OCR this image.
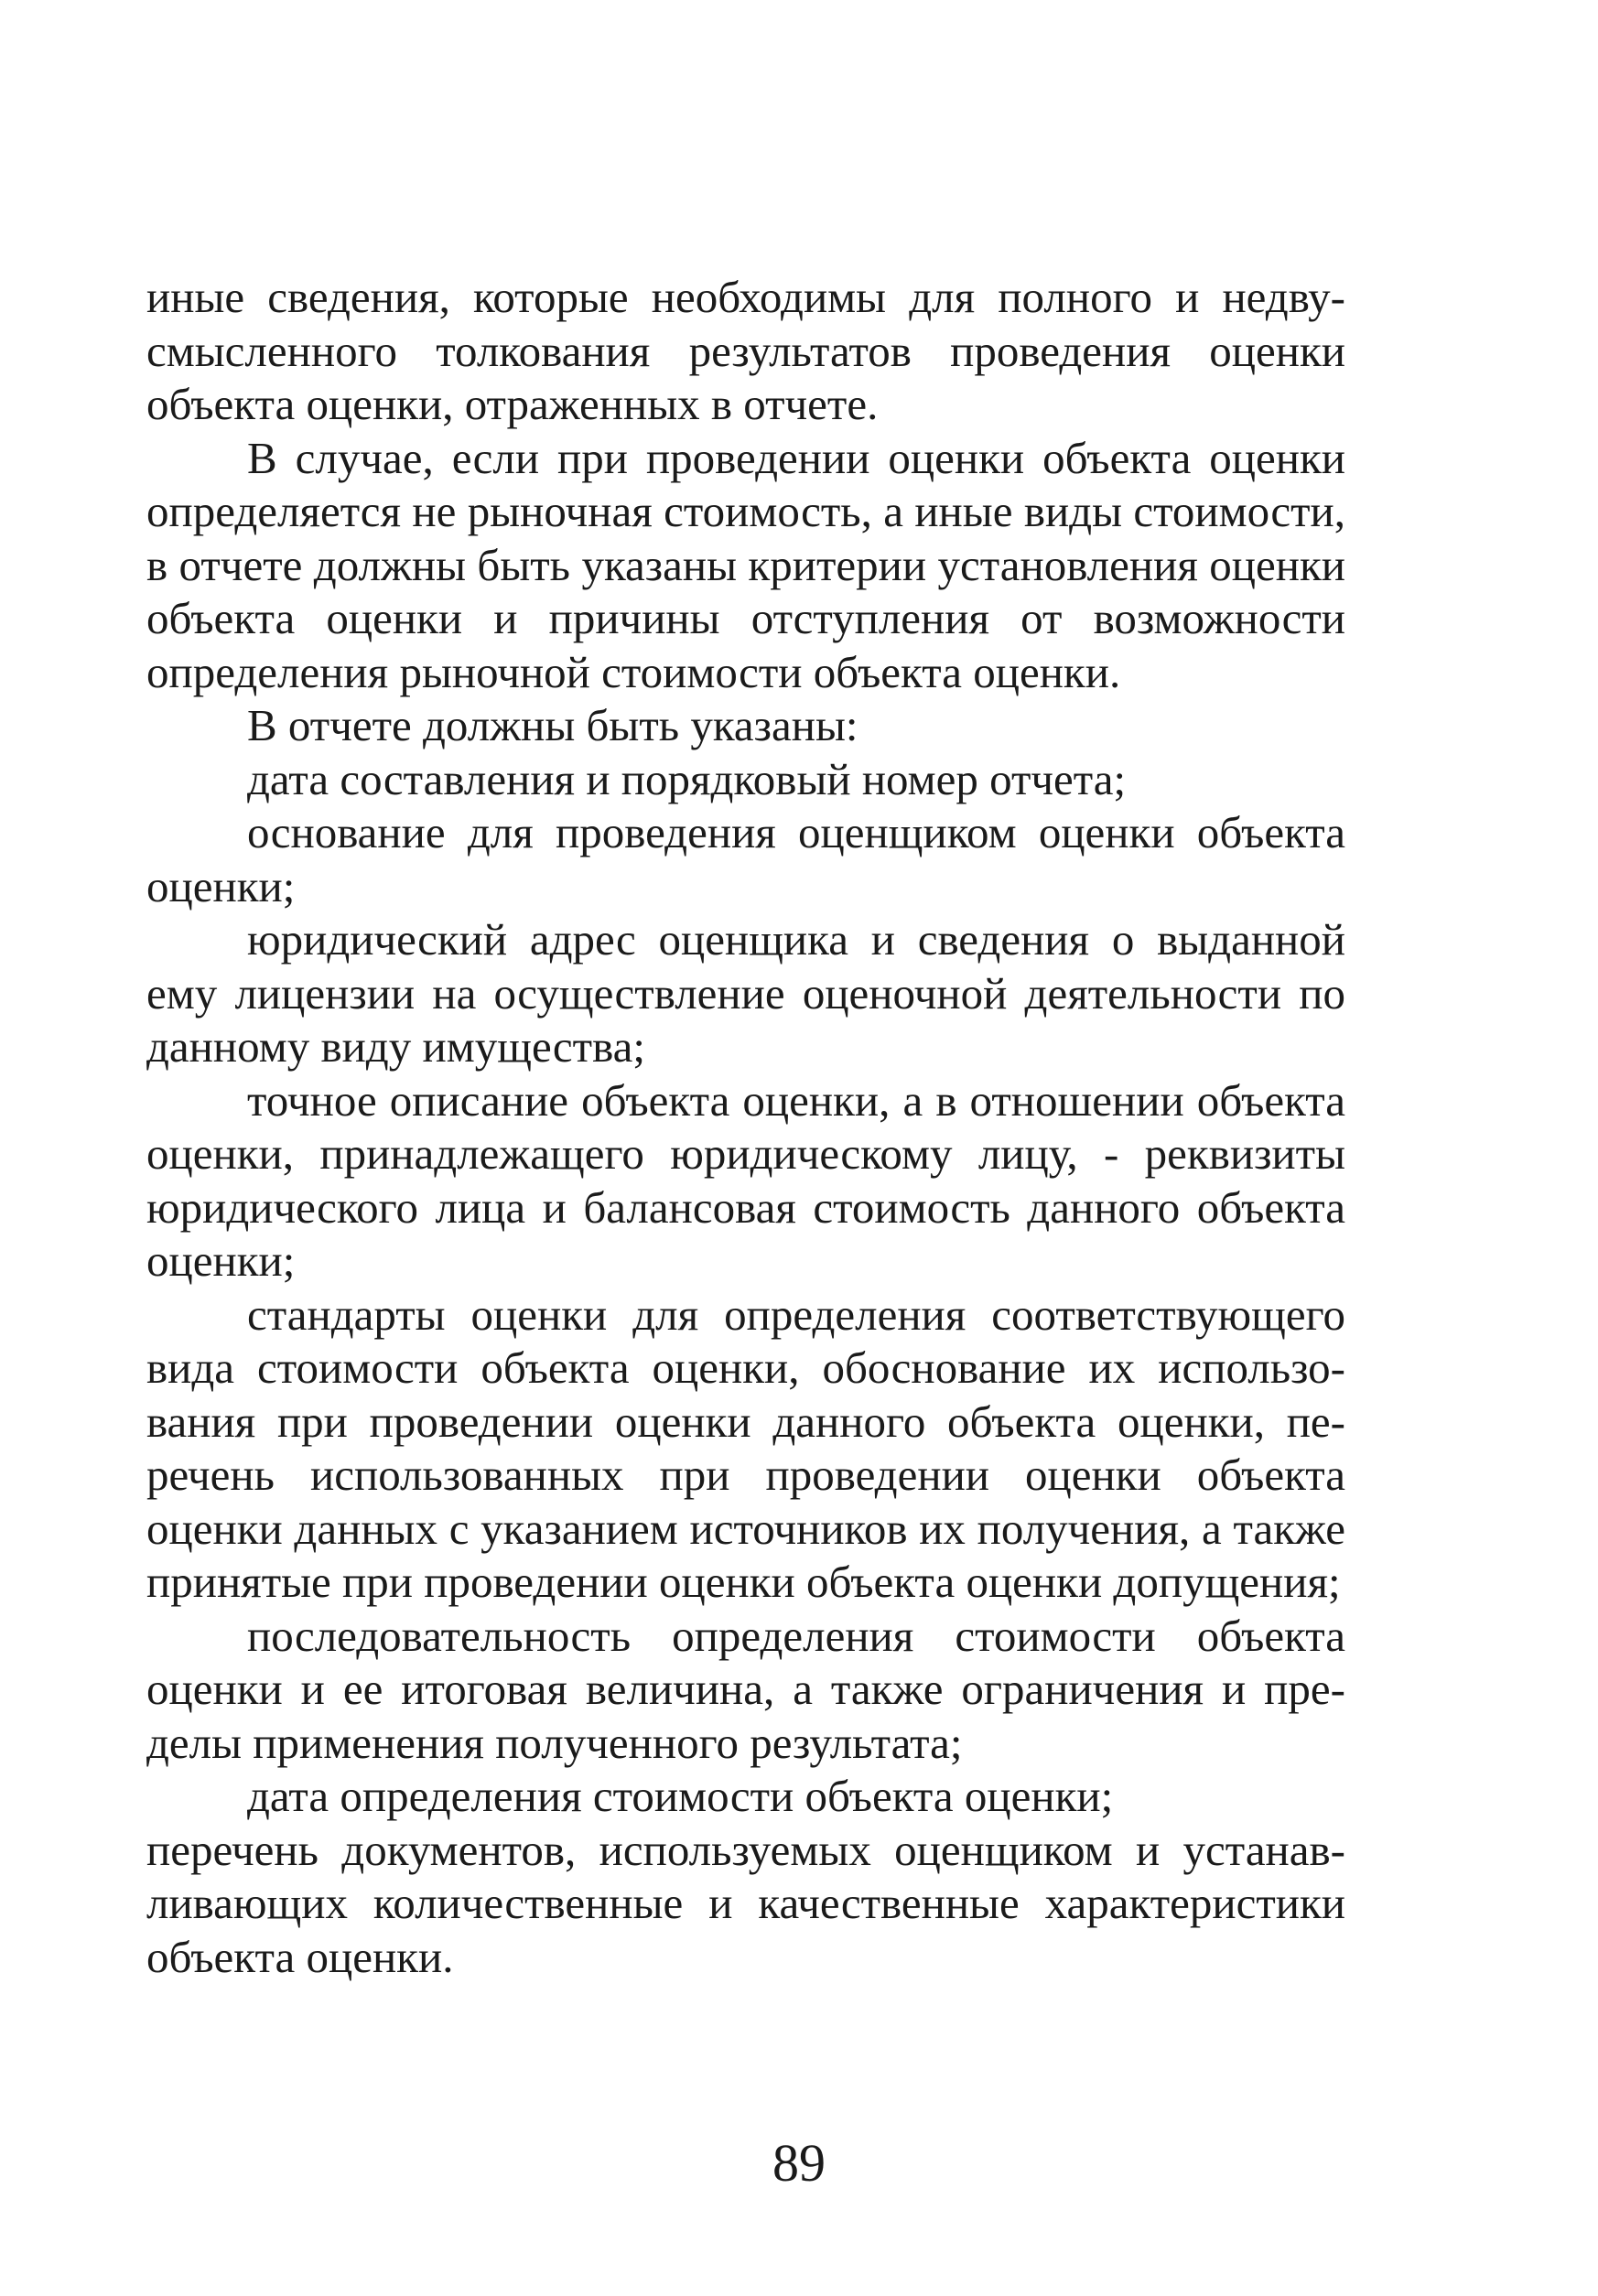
иные сведения, которые необходимы для полного и недвусмысленного толкования результатов проведения оценки объекта оценки, отраженных в отчете.

В случае, если при проведении оценки объекта оценки определяется не рыночная стоимость, а иные виды стоимости, в отчете должны быть указаны критерии установления оценки объекта оценки и причины отступления от возможности определения рыночной стоимости объекта оценки.

В отчете должны быть указаны:

дата составления и порядковый номер отчета;

основание для проведения оценщиком оценки объекта оценки;

юридический адрес оценщика и сведения о выданной ему лицензии на осуществление оценочной деятельности по данному виду имущества;

точное описание объекта оценки, а в отношении объекта оценки, принадлежащего юридическому лицу, - реквизиты юридического лица и балансовая стоимость данного объекта оценки;

стандарты оценки для определения соответствующего вида стоимости объекта оценки, обоснование их использования при проведении оценки данного объекта оценки, перечень использованных при проведении оценки объекта оценки данных с указанием источников их получения, а также принятые при проведении оценки объекта оценки допущения;

последовательность определения стоимости объекта оценки и ее итоговая величина, а также ограничения и пределы применения полученного результата;

дата определения стоимости объекта оценки;

перечень документов, используемых оценщиком и устанавливающих количественные и качественные характеристики объекта оценки.

89
